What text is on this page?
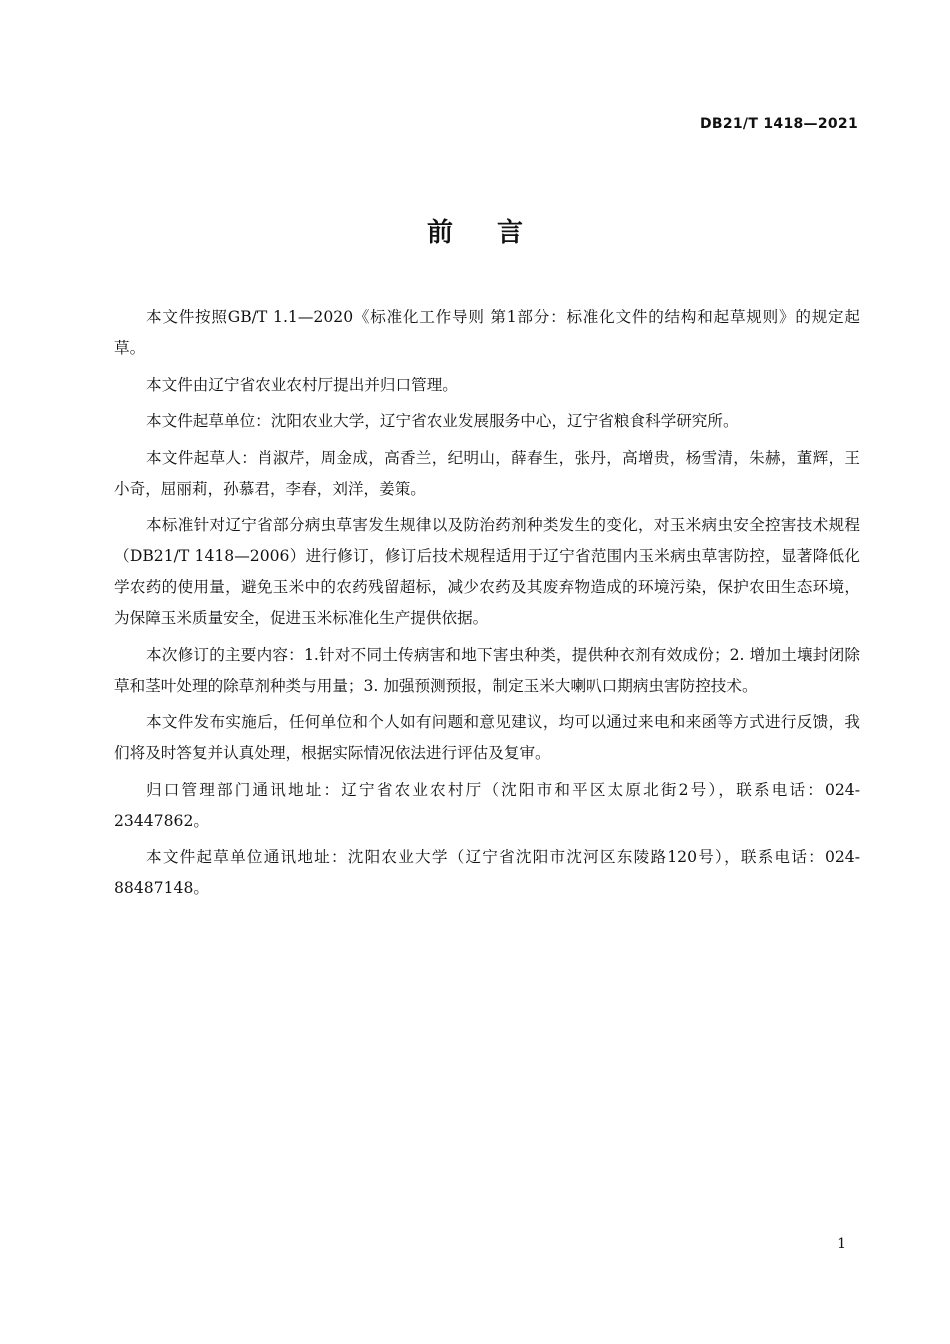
DB21/T 1418—2021
前言

本文件按照GB/T 1.1—2020《标准化工作导则 第1部分：标准化文件的结构和起草规则》的规定起草。

本文件由辽宁省农业农村厅提出并归口管理。

本文件起草单位：沈阳农业大学，辽宁省农业发展服务中心，辽宁省粮食科学研究所。

本文件起草人：肖淑芹，周金成，高香兰，纪明山，薛春生，张丹，高增贵，杨雪清，朱赫，董辉，王小奇，屈丽莉，孙慕君，李春，刘洋，姜策。

本标准针对辽宁省部分病虫草害发生规律以及防治药剂种类发生的变化，对玉米病虫安全控害技术规程（DB21/T 1418—2006）进行修订，修订后技术规程适用于辽宁省范围内玉米病虫草害防控，显著降低化学农药的使用量，避免玉米中的农药残留超标，减少农药及其废弃物造成的环境污染，保护农田生态环境，为保障玉米质量安全，促进玉米标准化生产提供依据。

本次修订的主要内容：1.针对不同土传病害和地下害虫种类，提供种衣剂有效成份；2. 增加土壤封闭除草和茎叶处理的除草剂种类与用量；3. 加强预测预报，制定玉米大喇叭口期病虫害防控技术。

本文件发布实施后，任何单位和个人如有问题和意见建议，均可以通过来电和来函等方式进行反馈，我们将及时答复并认真处理，根据实际情况依法进行评估及复审。

归口管理部门通讯地址：辽宁省农业农村厅（沈阳市和平区太原北街2号），联系电话：024-23447862。

本文件起草单位通讯地址：沈阳农业大学（辽宁省沈阳市沈河区东陵路120号），联系电话：024-88487148。

1
